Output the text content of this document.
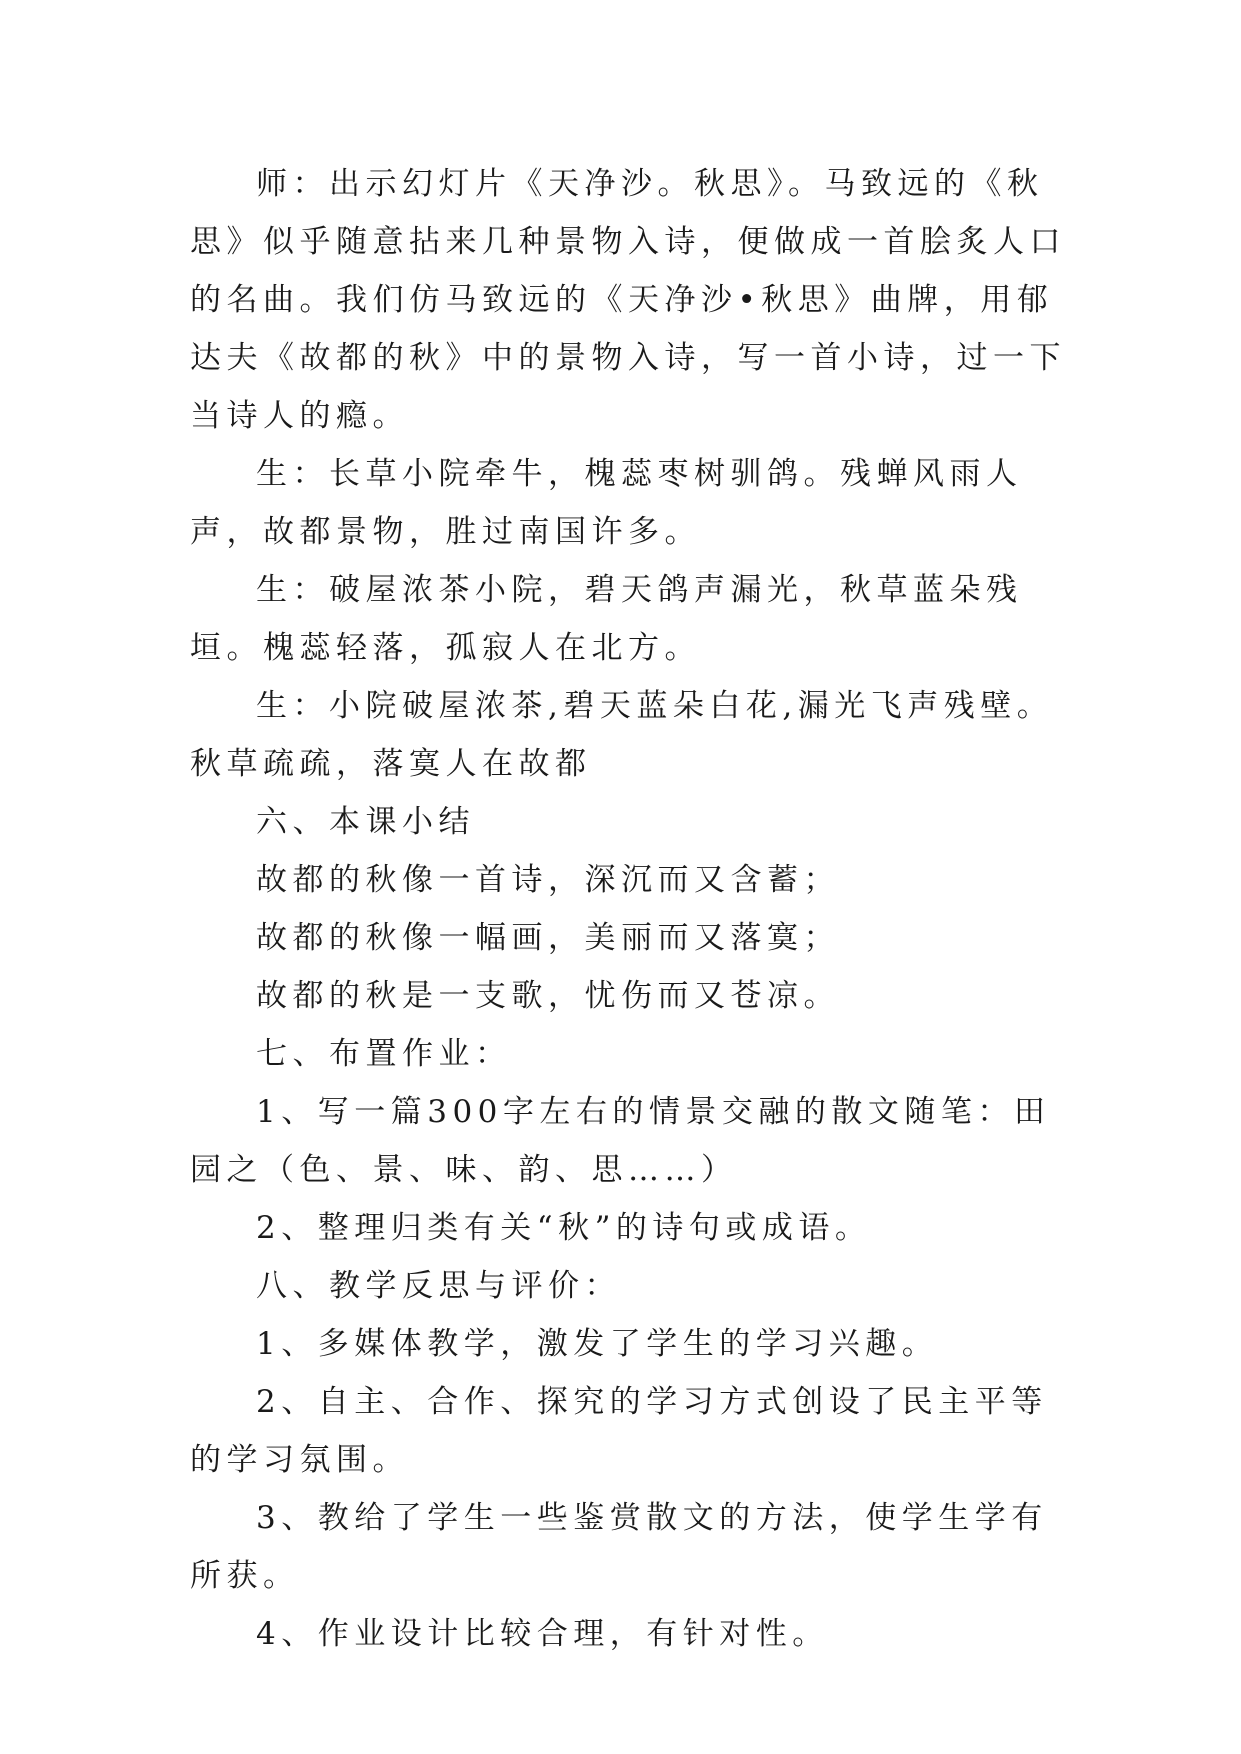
师：出示幻灯片《天净沙。秋思》。马致远的《秋思》似乎随意拈来几种景物入诗，便做成一首脍炙人口的名曲。我们仿马致远的《天净沙•秋思》曲牌，用郁达夫《故都的秋》中的景物入诗，写一首小诗，过一下当诗人的瘾。

生：长草小院牵牛，槐蕊枣树驯鸽。残蝉风雨人声，故都景物，胜过南国许多。

生：破屋浓茶小院，碧天鸽声漏光，秋草蓝朵残垣。槐蕊轻落，孤寂人在北方。

生：小院破屋浓茶,碧天蓝朵白花,漏光飞声残壁。秋草疏疏，落寞人在故都

六、本课小结

故都的秋像一首诗，深沉而又含蓄；

故都的秋像一幅画，美丽而又落寞；

故都的秋是一支歌，忧伤而又苍凉。

七、布置作业：

1、写一篇300字左右的情景交融的散文随笔：田园之（色、景、味、韵、思……）

2、整理归类有关“秋”的诗句或成语。

八、教学反思与评价：

1、多媒体教学，激发了学生的学习兴趣。

2、自主、合作、探究的学习方式创设了民主平等的学习氛围。

3、教给了学生一些鉴赏散文的方法，使学生学有所获。

4、作业设计比较合理，有针对性。
